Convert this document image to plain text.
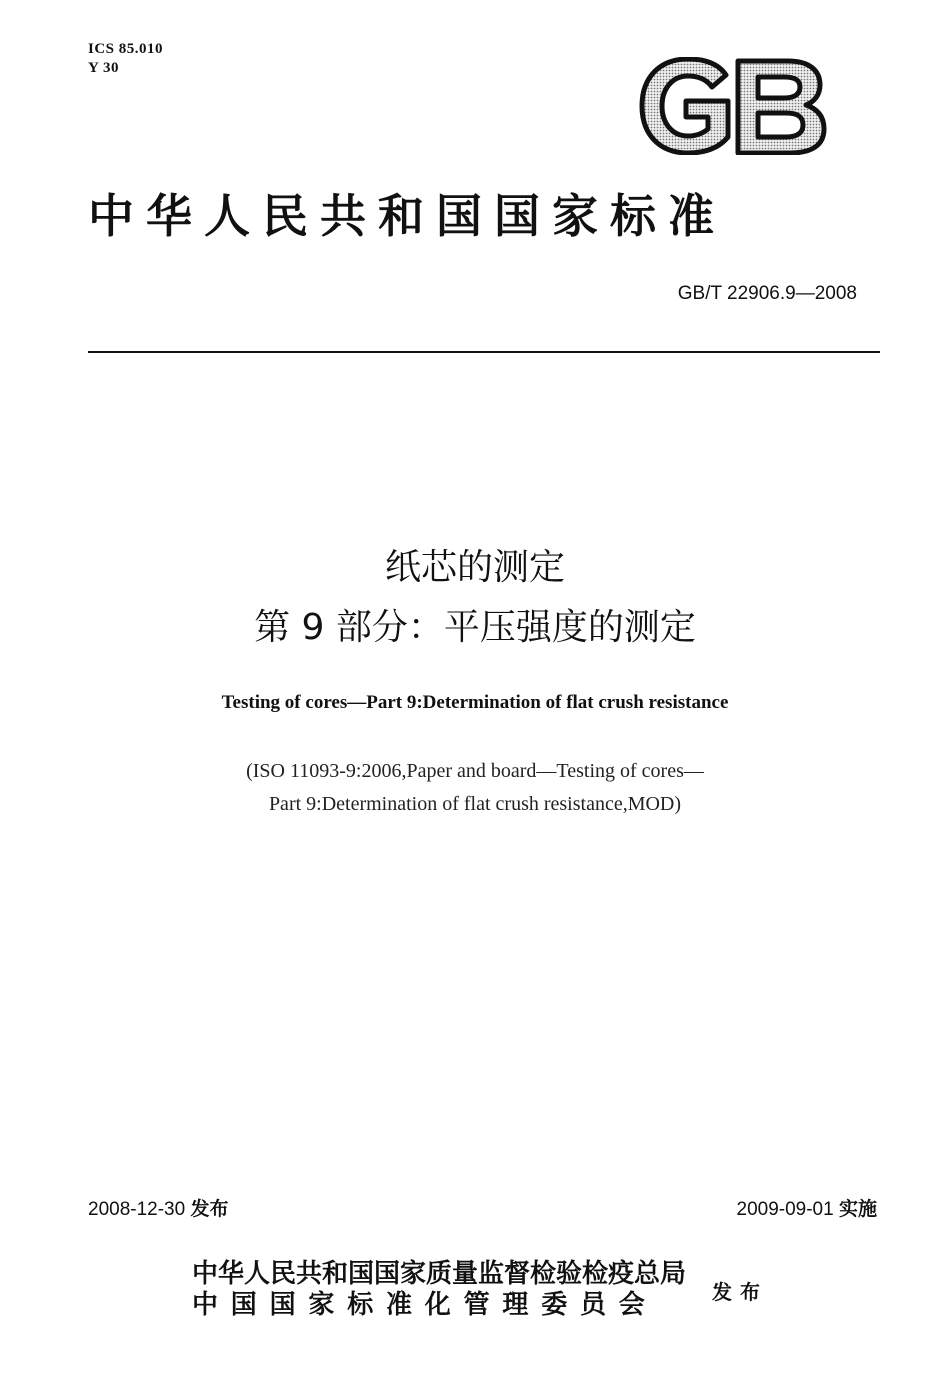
ICS 85.010
Y 30
中华人民共和国国家标准
GB/T 22906.9—2008
纸芯的测定
第 9 部分：平压强度的测定
Testing of cores—Part 9:Determination of flat crush resistance
(ISO 11093-9:2006,Paper and board—Testing of cores—
Part 9:Determination of flat crush resistance,MOD)
2008-12-30 发布	2009-09-01 实施
中华人民共和国国家质量监督检验检疫总局
中国国家标准化管理委员会	发布
